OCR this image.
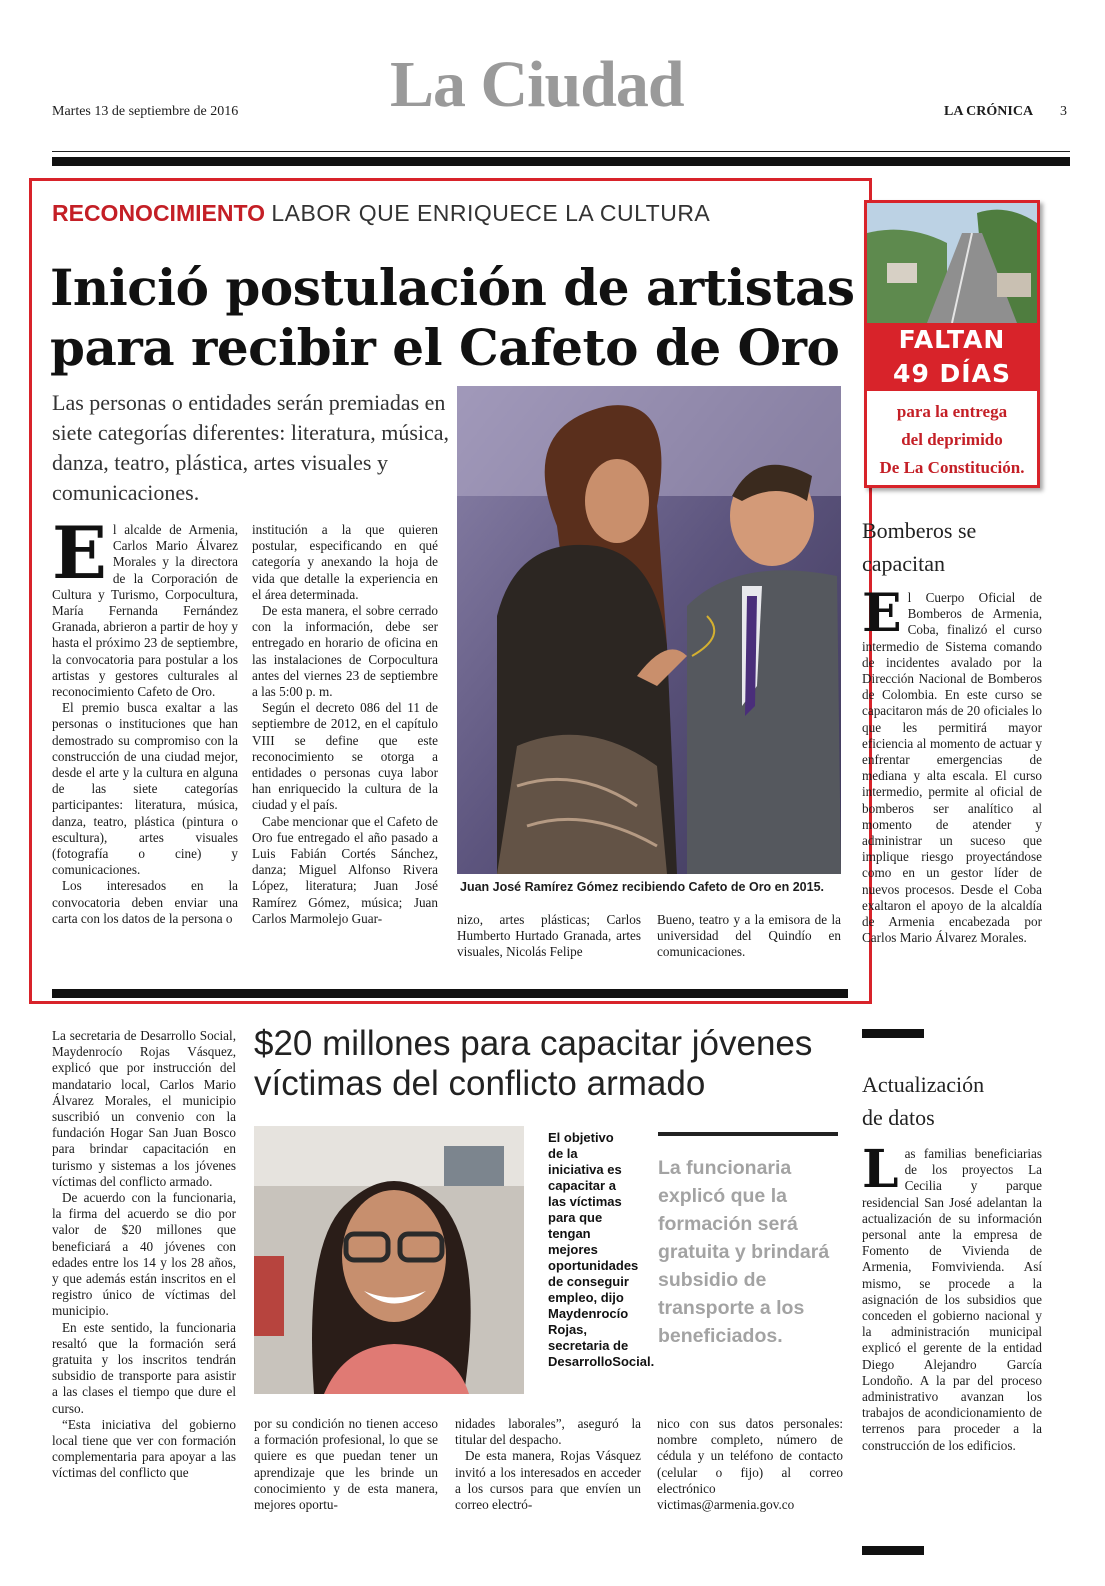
Martes 13 de septiembre de 2016 La Ciudad	LA CRÓNICA 3
RECONOCIMIENTO LABOR QUE ENRIQUECE LA CULTURA
Inició postulación de artistas
para recibir el Cafeto de Oro
Las personas o entidades serán premiadas en siete categorías diferentes: literatura, música, danza, teatro, plástica, artes visuales y comunicaciones.
E l alcalde de Armenia, Carlos Mario Álvarez Morales y la directora de la Corporación de Cultura y Turismo, Corpocultura, María Fernanda Fernández Granada, abrieron a partir de hoy y hasta el próximo 23 de septiembre, la convocatoria para postular a los artistas y gestores culturales al reconocimiento Cafeto de Oro.

El premio busca exaltar a las personas o instituciones que han demostrado su compromiso con la construcción de una ciudad mejor, desde el arte y la cultura en alguna de las siete categorías participantes: literatura, música, danza, teatro, plástica (pintura o escultura), artes visuales (fotografía o cine) y comunicaciones.

Los interesados en la convocatoria deben enviar una carta con los datos de la persona o

institución a la que quieren postular, especificando en qué categoría y anexando la hoja de vida que detalle la experiencia en el área determinada.

De esta manera, el sobre cerrado con la información, debe ser entregado en horario de oficina en las instalaciones de Corpocultura antes del viernes 23 de septiembre a las 5:00 p. m.

Según el decreto 086 del 11 de septiembre de 2012, en el capítulo VIII se define que este reconocimiento se otorga a entidades o personas cuya labor han enriquecido la cultura de la ciudad y el país.

Cabe mencionar que el Cafeto de Oro fue entregado el año pasado a Luis Fabián Cortés Sánchez, danza; Miguel Alfonso Rivera López, literatura; Juan José Ramírez Gómez, música; Juan Carlos Marmolejo Guar-

Juan José Ramírez Gómez recibiendo Cafeto de Oro en 2015.

nizo, artes plásticas; Carlos Humberto Hurtado Granada, artes visuales, Nicolás Felipe

Bueno, teatro y a la emisora de la universidad del Quindío en comunicaciones.

FALTAN
49 DÍAS
para la entrega
del deprimido
De La Constitución.
Bomberos se
capacitan
E l Cuerpo Oficial de Bomberos de Armenia, Coba, finalizó el curso intermedio de Sistema comando de incidentes avalado por la Dirección Nacional de Bomberos de Colombia. En este curso se capacitaron más de 20 oficiales lo que les permitirá mayor eficiencia al momento de actuar y enfrentar emergencias de mediana y alta escala. El curso intermedio, permite al oficial de bomberos ser analítico al momento de atender y administrar un suceso que implique riesgo proyectándose como en un gestor líder de nuevos procesos. Desde el Coba exaltaron el apoyo de la alcaldía de Armenia encabezada por Carlos Mario Álvarez Morales.

Actualización
de datos
L as familias beneficiarias de los proyectos La Cecilia y parque residencial San José adelantan la actualización de su información personal ante la empresa de Fomento de Vivienda de Armenia, Fomvivienda. Así mismo, se procede a la asignación de los subsidios que conceden el gobierno nacional y la administración municipal explicó el gerente de la entidad Diego Alejandro García Londoño. A la par del proceso administrativo avanzan los trabajos de acondicionamiento de terrenos para proceder a la construcción de los edificios.

$20 millones para capacitar jóvenes
víctimas del conflicto armado

La secretaria de Desarrollo Social, Maydenrocío Rojas Vásquez, explicó que por instrucción del mandatario local, Carlos Mario Álvarez Morales, el municipio suscribió un convenio con la fundación Hogar San Juan Bosco para brindar capacitación en turismo y sistemas a los jóvenes víctimas del conflicto armado.

De acuerdo con la funcionaria, la firma del acuerdo se dio por valor de $20 millones que beneficiará a 40 jóvenes con edades entre los 14 y los 28 años, y que además están inscritos en el registro único de víctimas del municipio.

En este sentido, la funcionaria resaltó que la formación será gratuita y los inscritos tendrán subsidio de transporte para asistir a las clases el tiempo que dure el curso.

“Esta iniciativa del gobierno local tiene que ver con formación complementaria para apoyar a las víctimas del conflicto que

El objetivo de la iniciativa es capacitar a las víctimas para que tengan mejores oportunidades de conseguir empleo, dijo Maydenrocío Rojas, secretaria de DesarrolloSocial.
La funcionaria explicó que la formación será gratuita y brindará subsidio de transporte a los beneficiados.

por su condición no tienen acceso a formación profesional, lo que se quiere es que puedan tener un aprendizaje que les brinde un conocimiento y de esta manera, mejores oportu-

nidades laborales”, aseguró la titular del despacho.

De esta manera, Rojas Vásquez invitó a los interesados en acceder a los cursos para que envíen un correo electró-

nico con sus datos personales: nombre completo, número de cédula y un teléfono de contacto (celular o fijo) al correo electrónico victimas@armenia.gov.co
